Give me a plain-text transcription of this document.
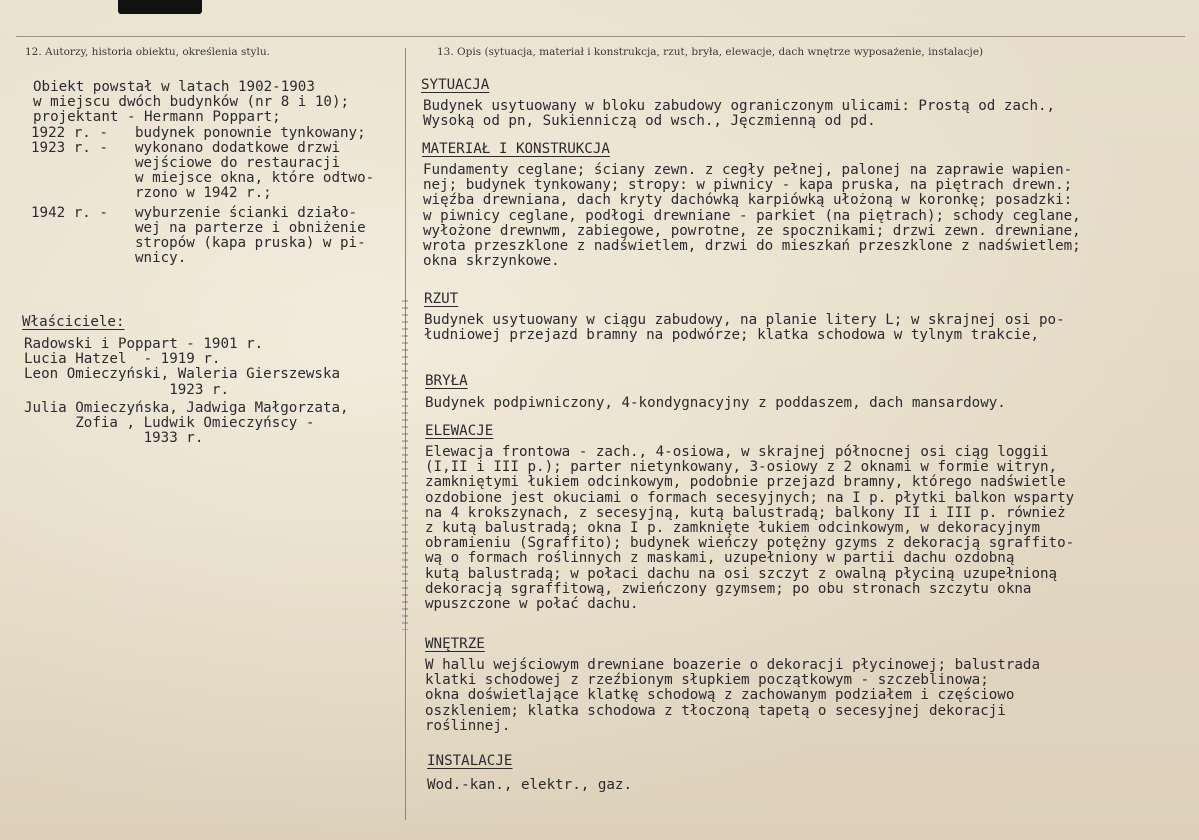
12. Autorzy, historia obiektu, określenia stylu.	13. Opis (sytuacja, materiał i konstrukcja, rzut, bryła, elewacje, dach wnętrze wyposażenie, instalacje)
Obiekt powstał w latach 1902-1903
w miejscu dwóch budynków (nr 8 i 10);
projektant - Hermann Poppart;
1922 r. - budynek ponownie tynkowany;
1923 r. - wykonano dodatkowe drzwi
wejściowe do restauracji
w miejsce okna, które odtwo-
rzono w 1942 r.;
1942 r. - wyburzenie ścianki działo-
wej na parterze i obniżenie
stropów (kapa pruska) w pi-
wnicy.
Właściciele:
Radowski i Poppart - 1901 r.
Lucia Hatzel  - 1919 r.
Leon Omieczyński, Waleria Gierszewska
1923 r.
Julia Omieczyńska, Jadwiga Małgorzata,
Zofia , Ludwik Omieczyńscy -
1933 r.
SYTUACJA
Budynek usytuowany w bloku zabudowy ograniczonym ulicami: Prostą od zach.,
Wysoką od pn, Sukienniczą od wsch., Jęczmienną od pd.
MATERIAŁ I KONSTRUKCJA
Fundamenty ceglane; ściany zewn. z cegły pełnej, palonej na zaprawie wapien-
nej; budynek tynkowany; stropy: w piwnicy - kapa pruska, na piętrach drewn.;
więźba drewniana, dach kryty dachówką karpiówką ułożoną w koronkę; posadzki:
w piwnicy ceglane, podłogi drewniane - parkiet (na piętrach); schody ceglane,
wyłożone drewnwm, zabiegowe, powrotne, ze spocznikami; drzwi zewn. drewniane,
wrota przeszklone z nadświetlem, drzwi do mieszkań przeszklone z nadświetlem;
okna skrzynkowe.
RZUT
Budynek usytuowany w ciągu zabudowy, na planie litery L; w skrajnej osi po-
łudniowej przejazd bramny na podwórze; klatka schodowa w tylnym trakcie,
BRYŁA
Budynek podpiwniczony, 4-kondygnacyjny z poddaszem, dach mansardowy.
ELEWACJE
Elewacja frontowa - zach., 4-osiowa, w skrajnej północnej osi ciąg loggii
(I,II i III p.); parter nietynkowany, 3-osiowy z 2 oknami w formie witryn,
zamkniętymi łukiem odcinkowym, podobnie przejazd bramny, którego nadświetle
ozdobione jest okuciami o formach secesyjnych; na I p. płytki balkon wsparty
na 4 krokszynach, z secesyjną, kutą balustradą; balkony II i III p. również
z kutą balustradą; okna I p. zamknięte łukiem odcinkowym, w dekoracyjnym
obramieniu (Sgraffito); budynek wieńczy potężny gzyms z dekoracją sgraffito-
wą o formach roślinnych z maskami, uzupełniony w partii dachu ozdobną
kutą balustradą; w połaci dachu na osi szczyt z owalną płyciną uzupełnioną
dekoracją sgraffitową, zwieńczony gzymsem; po obu stronach szczytu okna
wpuszczone w połać dachu.
WNĘTRZE
W hallu wejściowym drewniane boazerie o dekoracji płycinowej; balustrada
klatki schodowej z rzeźbionym słupkiem początkowym - szczeblinowa;
okna doświetlające klatkę schodową z zachowanym podziałem i częściowo
oszkleniem; klatka schodowa z tłoczoną tapetą o secesyjnej dekoracji
roślinnej.
INSTALACJE
Wod.-kan., elektr., gaz.
